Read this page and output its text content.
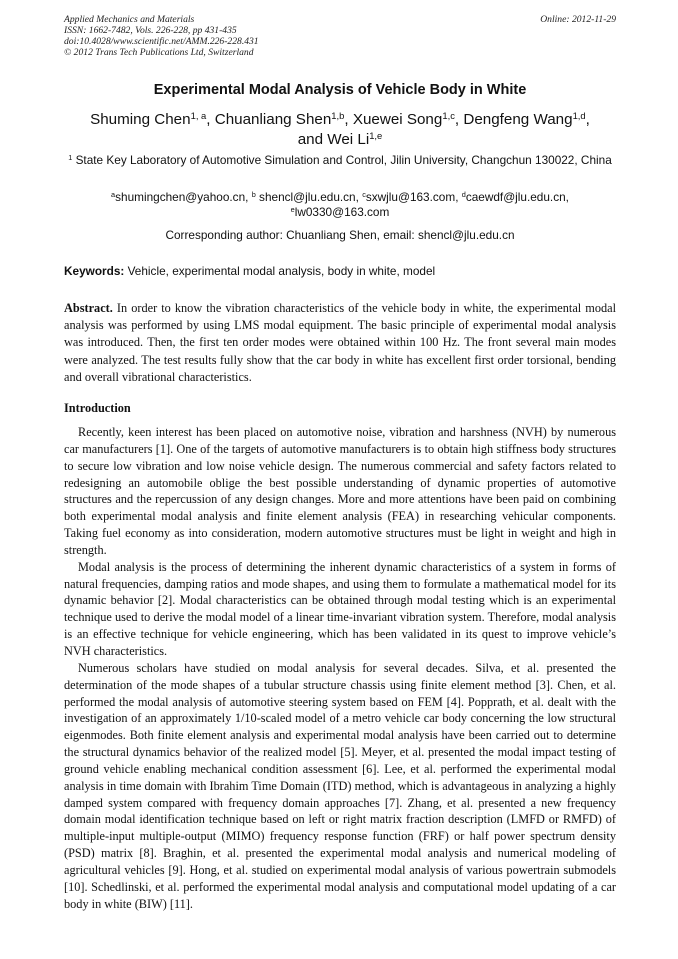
Applied Mechanics and Materials
ISSN: 1662-7482, Vols. 226-228, pp 431-435
doi:10.4028/www.scientific.net/AMM.226-228.431
© 2012 Trans Tech Publications Ltd, Switzerland
Online: 2012-11-29
Experimental Modal Analysis of Vehicle Body in White
Shuming Chen$^{1, a}$, Chuanliang Shen$^{1,b}$, Xuewei Song$^{1,c}$, Dengfeng Wang$^{1,d}$,
and Wei Li$^{1,e}$
$^1$ State Key Laboratory of Automotive Simulation and Control, Jilin University, Changchun 130022, China
$^a$shumingchen@yahoo.cn, $^b$ shencl@jlu.edu.cn, $^c$sxwjlu@163.com, $^d$caewdf@jlu.edu.cn,
$^e$lw0330@163.com
Corresponding author: Chuanliang Shen, email: shencl@jlu.edu.cn
Keywords: Vehicle, experimental modal analysis, body in white, model
Abstract. In order to know the vibration characteristics of the vehicle body in white, the experimental modal analysis was performed by using LMS modal equipment. The basic principle of experimental modal analysis was introduced. Then, the first ten order modes were obtained within 100 Hz. The front several main modes were analyzed. The test results fully show that the car body in white has excellent first order torsional, bending and overall vibrational characteristics.
Introduction

Recently, keen interest has been placed on automotive noise, vibration and harshness (NVH) by numerous car manufacturers [1]. One of the targets of automotive manufacturers is to obtain high stiffness body structures to secure low vibration and low noise vehicle design. The numerous commercial and safety factors related to redesigning an automobile oblige the best possible understanding of dynamic properties of automotive structures and the repercussion of any design changes. More and more attentions have been paid on combining both experimental modal analysis and finite element analysis (FEA) in researching vehicular components. Taking fuel economy as into consideration, modern automotive structures must be light in weight and high in strength.

Modal analysis is the process of determining the inherent dynamic characteristics of a system in forms of natural frequencies, damping ratios and mode shapes, and using them to formulate a mathematical model for its dynamic behavior [2]. Modal characteristics can be obtained through modal testing which is an experimental technique used to derive the modal model of a linear time-invariant vibration system. Therefore, modal analysis is an effective technique for vehicle engineering, which has been validated in its quest to improve vehicle’s NVH characteristics.

Numerous scholars have studied on modal analysis for several decades. Silva, et al. presented the determination of the mode shapes of a tubular structure chassis using finite element method [3]. Chen, et al. performed the modal analysis of automotive steering system based on FEM [4]. Popprath, et al. dealt with the investigation of an approximately 1/10-scaled model of a metro vehicle car body concerning the low structural eigenmodes. Both finite element analysis and experimental modal analysis have been carried out to determine the structural dynamics behavior of the realized model [5]. Meyer, et al. presented the modal impact testing of ground vehicle enabling mechanical condition assessment [6]. Lee, et al. performed the experimental modal analysis in time domain with Ibrahim Time Domain (ITD) method, which is advantageous in analyzing a highly damped system compared with frequency domain approaches [7]. Zhang, et al. presented a new frequency domain modal identification technique based on left or right matrix fraction description (LMFD or RMFD) of multiple-input multiple-output (MIMO) frequency response function (FRF) or half power spectrum density (PSD) matrix [8]. Braghin, et al. presented the experimental modal analysis and numerical modeling of agricultural vehicles [9]. Hong, et al. studied on experimental modal analysis of various powertrain submodels [10]. Schedlinski, et al. performed the experimental modal analysis and computational model updating of a car body in white (BIW) [11].
